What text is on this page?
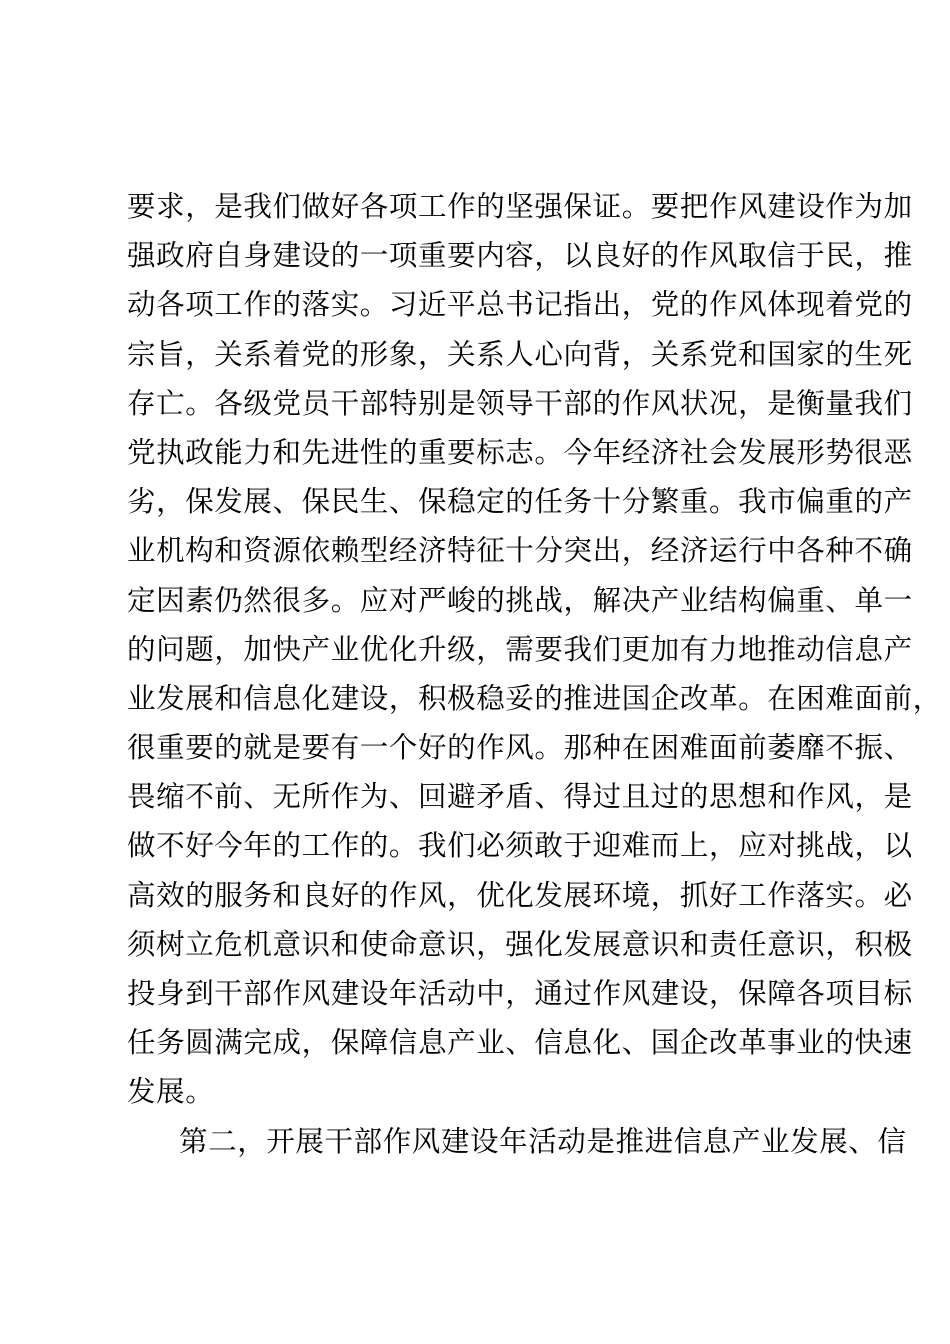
要求，是我们做好各项工作的坚强保证。要把作风建设作为加
强政府自身建设的一项重要内容，以良好的作风取信于民，推
动各项工作的落实。习近平总书记指出，党的作风体现着党的
宗旨，关系着党的形象，关系人心向背，关系党和国家的生死
存亡。各级党员干部特别是领导干部的作风状况，是衡量我们
党执政能力和先进性的重要标志。今年经济社会发展形势很恶
劣，保发展、保民生、保稳定的任务十分繁重。我市偏重的产
业机构和资源依赖型经济特征十分突出，经济运行中各种不确
定因素仍然很多。应对严峻的挑战，解决产业结构偏重、单一
的问题，加快产业优化升级，需要我们更加有力地推动信息产
业发展和信息化建设，积极稳妥的推进国企改革。在困难面前，
很重要的就是要有一个好的作风。那种在困难面前萎靡不振、
畏缩不前、无所作为、回避矛盾、得过且过的思想和作风，是
做不好今年的工作的。我们必须敢于迎难而上，应对挑战，以
高效的服务和良好的作风，优化发展环境，抓好工作落实。必
须树立危机意识和使命意识，强化发展意识和责任意识，积极
投身到干部作风建设年活动中，通过作风建设，保障各项目标
任务圆满完成，保障信息产业、信息化、国企改革事业的快速
发展。
第二，开展干部作风建设年活动是推进信息产业发展、信
